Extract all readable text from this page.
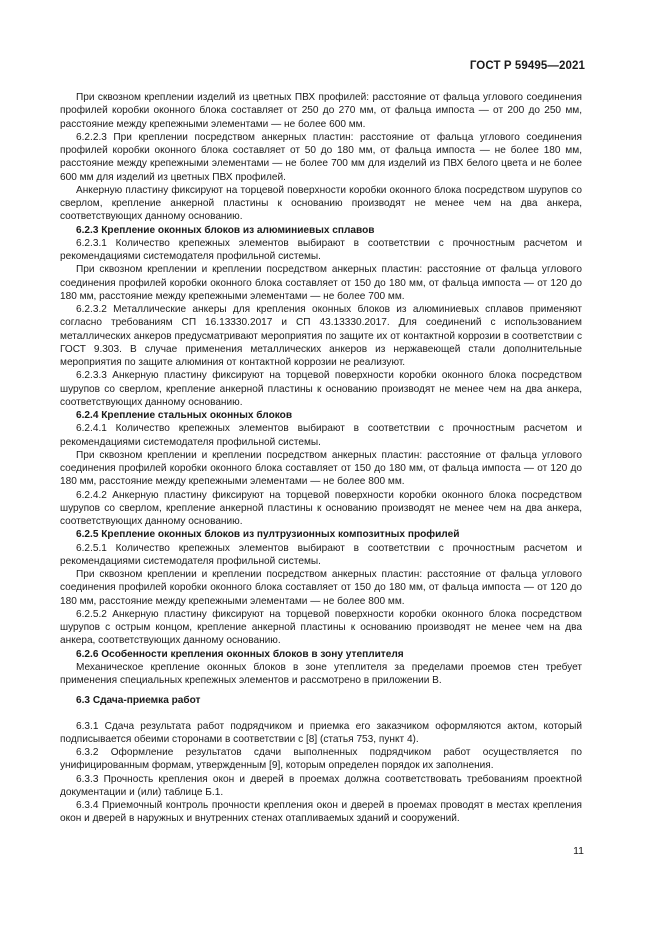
ГОСТ Р 59495—2021

При сквозном креплении изделий из цветных ПВХ профилей: расстояние от фальца углового соединения профилей коробки оконного блока составляет от 250 до 270 мм, от фальца импоста — от 200 до 250 мм, расстояние между крепежными элементами — не более 600 мм.

6.2.2.3 При креплении посредством анкерных пластин: расстояние от фальца углового соединения профилей коробки оконного блока составляет от 50 до 180 мм, от фальца импоста — не более 180 мм, расстояние между крепежными элементами — не более 700 мм для изделий из ПВХ белого цвета и не более 600 мм для изделий из цветных ПВХ профилей.

Анкерную пластину фиксируют на торцевой поверхности коробки оконного блока посредством шурупов со сверлом, крепление анкерной пластины к основанию производят не менее чем на два анкера, соответствующих данному основанию.

6.2.3 Крепление оконных блоков из алюминиевых сплавов

6.2.3.1 Количество крепежных элементов выбирают в соответствии с прочностным расчетом и рекомендациями системодателя профильной системы.

При сквозном креплении и креплении посредством анкерных пластин: расстояние от фальца углового соединения профилей коробки оконного блока составляет от 150 до 180 мм, от фальца импоста — от 120 до 180 мм, расстояние между крепежными элементами — не более 700 мм.

6.2.3.2 Металлические анкеры для крепления оконных блоков из алюминиевых сплавов применяют согласно требованиям СП 16.13330.2017 и СП 43.13330.2017. Для соединений с использованием металлических анкеров предусматривают мероприятия по защите их от контактной коррозии в соответствии с ГОСТ 9.303. В случае применения металлических анкеров из нержавеющей стали дополнительные мероприятия по защите алюминия от контактной коррозии не реализуют.

6.2.3.3 Анкерную пластину фиксируют на торцевой поверхности коробки оконного блока посредством шурупов со сверлом, крепление анкерной пластины к основанию производят не менее чем на два анкера, соответствующих данному основанию.

6.2.4 Крепление стальных оконных блоков

6.2.4.1 Количество крепежных элементов выбирают в соответствии с прочностным расчетом и рекомендациями системодателя профильной системы.

При сквозном креплении и креплении посредством анкерных пластин: расстояние от фальца углового соединения профилей коробки оконного блока составляет от 150 до 180 мм, от фальца импоста — от 120 до 180 мм, расстояние между крепежными элементами — не более 800 мм.

6.2.4.2 Анкерную пластину фиксируют на торцевой поверхности коробки оконного блока посредством шурупов со сверлом, крепление анкерной пластины к основанию производят не менее чем на два анкера, соответствующих данному основанию.

6.2.5 Крепление оконных блоков из пултрузионных композитных профилей

6.2.5.1 Количество крепежных элементов выбирают в соответствии с прочностным расчетом и рекомендациями системодателя профильной системы.

При сквозном креплении и креплении посредством анкерных пластин: расстояние от фальца углового соединения профилей коробки оконного блока составляет от 150 до 180 мм, от фальца импоста — от 120 до 180 мм, расстояние между крепежными элементами — не более 800 мм.

6.2.5.2 Анкерную пластину фиксируют на торцевой поверхности коробки оконного блока посредством шурупов с острым концом, крепление анкерной пластины к основанию производят не менее чем на два анкера, соответствующих данному основанию.

6.2.6 Особенности крепления оконных блоков в зону утеплителя

Механическое крепление оконных блоков в зоне утеплителя за пределами проемов стен требует применения специальных крепежных элементов и рассмотрено в приложении В.

6.3 Сдача-приемка работ

6.3.1 Сдача результата работ подрядчиком и приемка его заказчиком оформляются актом, который подписывается обеими сторонами в соответствии с [8] (статья 753, пункт 4).

6.3.2 Оформление результатов сдачи выполненных подрядчиком работ осуществляется по унифицированным формам, утвержденным [9], которым определен порядок их заполнения.

6.3.3 Прочность крепления окон и дверей в проемах должна соответствовать требованиям проектной документации и (или) таблице Б.1.

6.3.4 Приемочный контроль прочности крепления окон и дверей в проемах проводят в местах крепления окон и дверей в наружных и внутренних стенах отапливаемых зданий и сооружений.

11
